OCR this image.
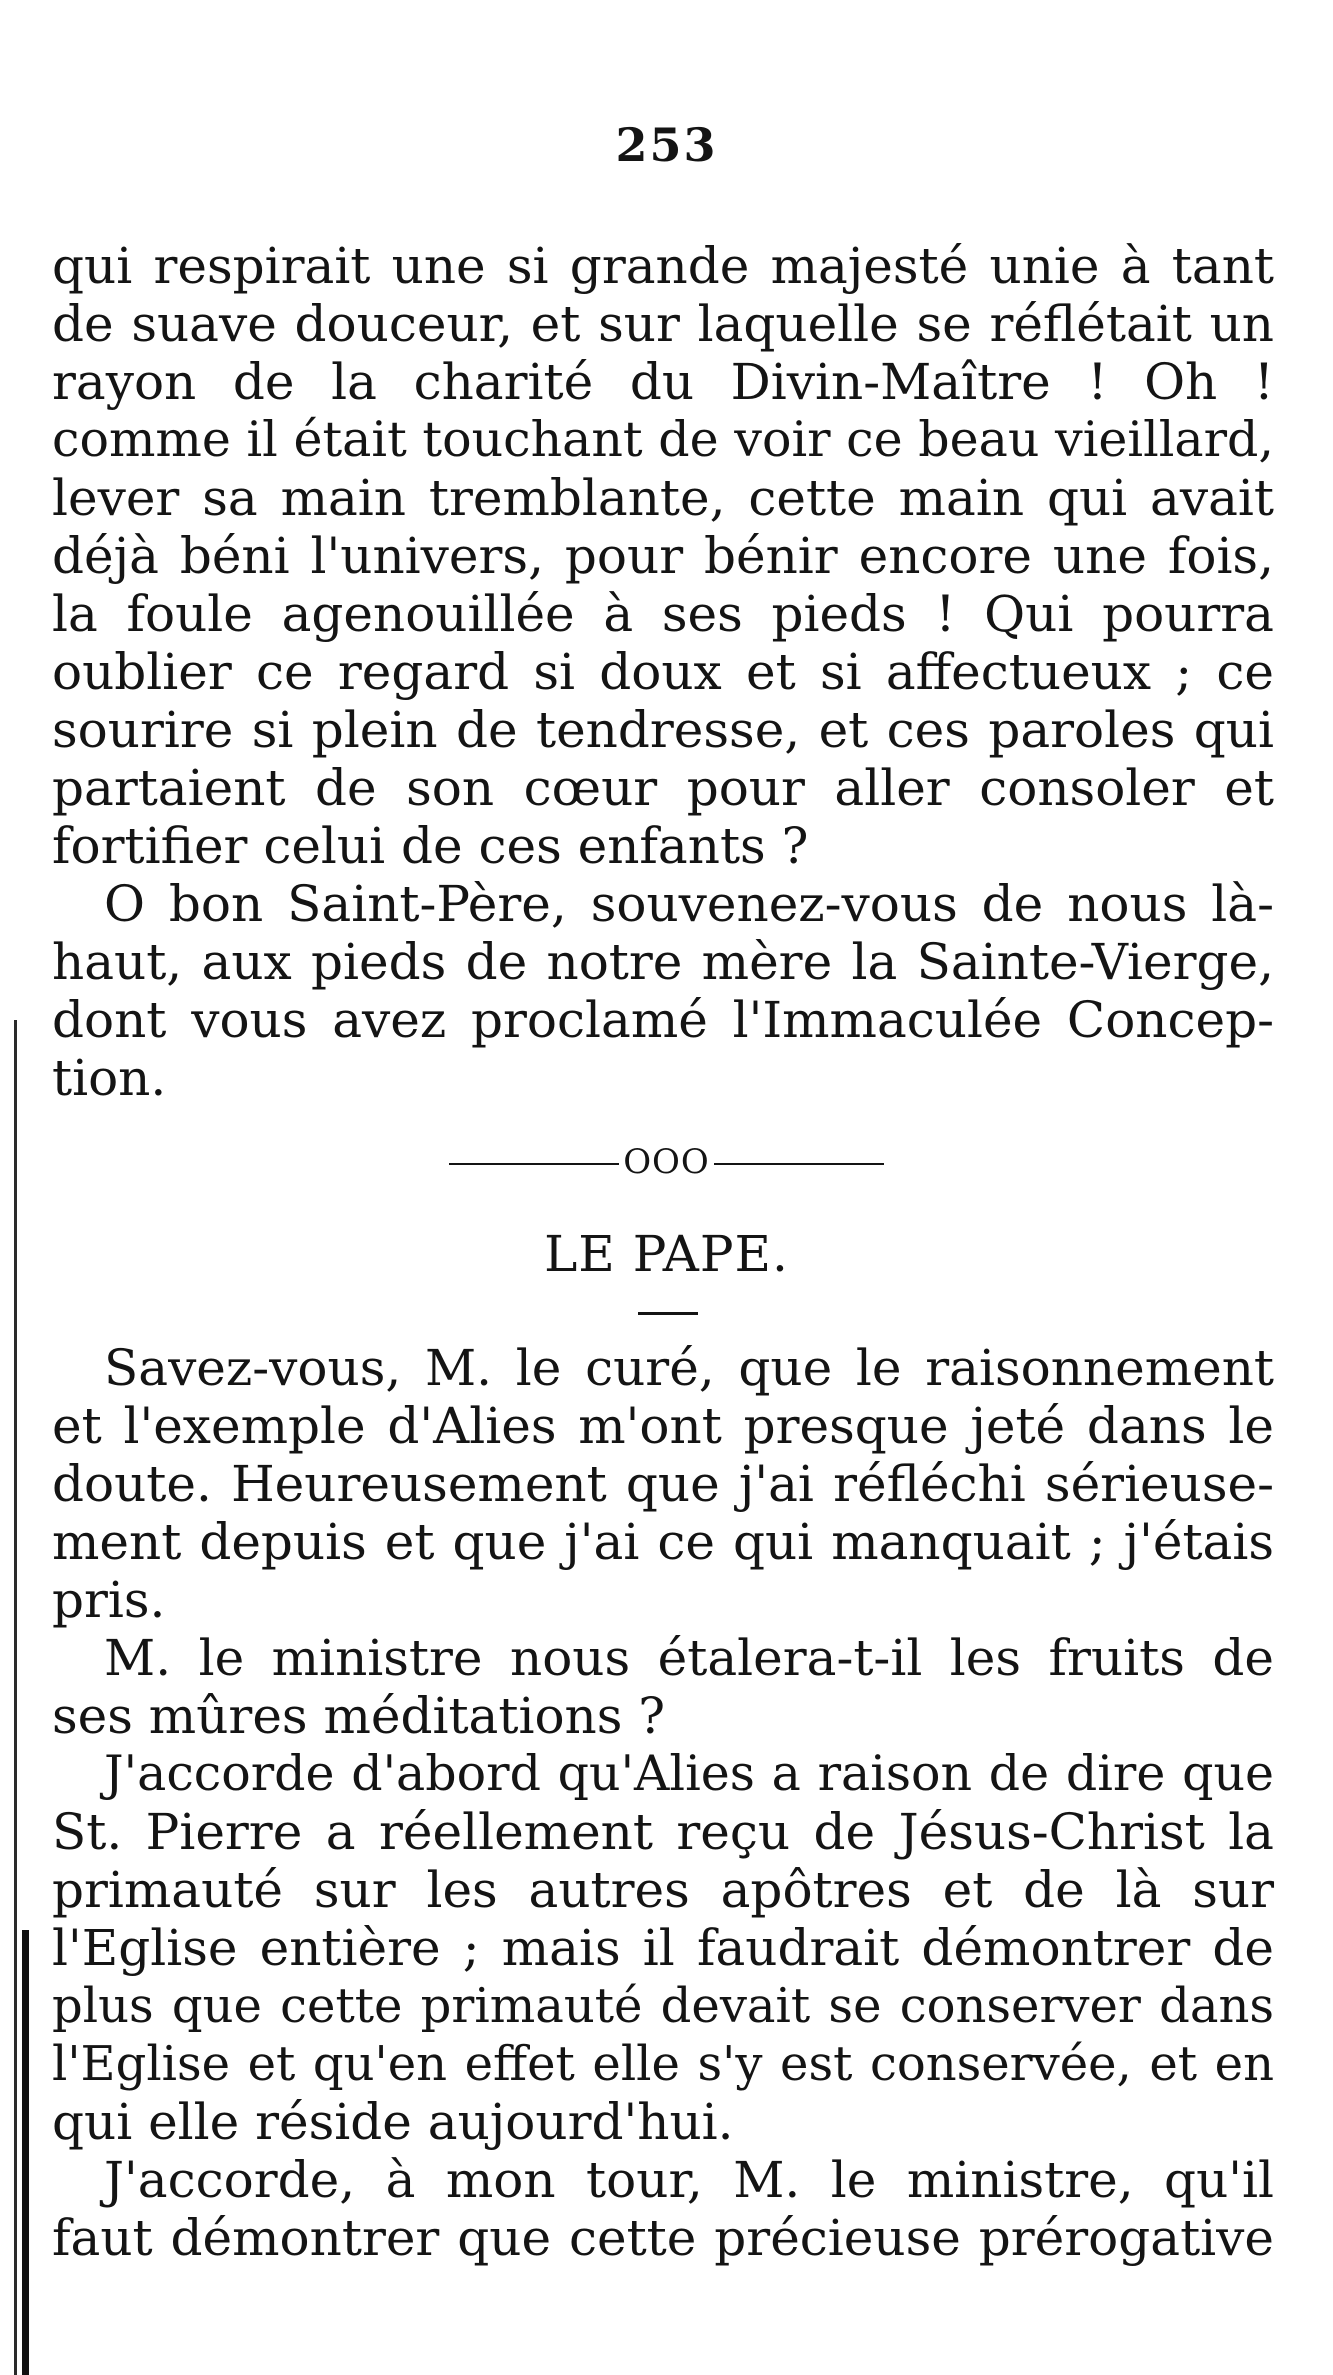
253
qui respirait une si grande majesté unie à tant
de suave douceur, et sur laquelle se réflétait un
rayon de la charité du Divin-Maître ! Oh !
comme il était touchant de voir ce beau vieillard,
lever sa main tremblante, cette main qui avait
déjà béni l'univers, pour bénir encore une fois,
la foule agenouillée à ses pieds ! Qui pourra
oublier ce regard si doux et si affectueux ; ce
sourire si plein de tendresse, et ces paroles qui
partaient de son cœur pour aller consoler et
fortifier celui de ces enfants ?
O bon Saint-Père, souvenez-vous de nous là-
haut, aux pieds de notre mère la Sainte-Vierge,
dont vous avez proclamé l'Immaculée Concep-
tion.
OOO
LE PAPE.
Savez-vous, M. le curé, que le raisonnement
et l'exemple d'Alies m'ont presque jeté dans le
doute. Heureusement que j'ai réfléchi sérieuse-
ment depuis et que j'ai ce qui manquait ; j'étais
pris.
M. le ministre nous étalera-t-il les fruits de
ses mûres méditations ?
J'accorde d'abord qu'Alies a raison de dire que
St. Pierre a réellement reçu de Jésus-Christ la
primauté sur les autres apôtres et de là sur
l'Eglise entière ; mais il faudrait démontrer de
plus que cette primauté devait se conserver dans
l'Eglise et qu'en effet elle s'y est conservée, et en
qui elle réside aujourd'hui.
J'accorde, à mon tour, M. le ministre, qu'il
faut démontrer que cette précieuse prérogative
